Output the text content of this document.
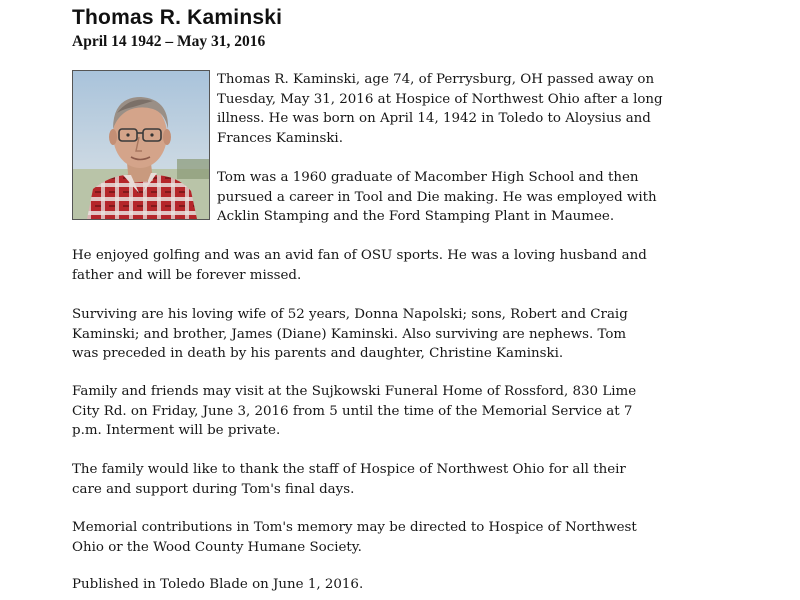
Thomas R. Kaminski
April 14 1942 – May 31, 2016
Thomas R. Kaminski, age 74, of Perrysburg, OH passed away on
Tuesday, May 31, 2016 at Hospice of Northwest Ohio after a long
illness. He was born on April 14, 1942 in Toledo to Aloysius and
Frances Kaminski.
Tom was a 1960 graduate of Macomber High School and then
pursued a career in Tool and Die making. He was employed with
Acklin Stamping and the Ford Stamping Plant in Maumee.
He enjoyed golfing and was an avid fan of OSU sports. He was a loving husband and
father and will be forever missed.
Surviving are his loving wife of 52 years, Donna Napolski; sons, Robert and Craig
Kaminski; and brother, James (Diane) Kaminski. Also surviving are nephews. Tom
was preceded in death by his parents and daughter, Christine Kaminski.
Family and friends may visit at the Sujkowski Funeral Home of Rossford, 830 Lime
City Rd. on Friday, June 3, 2016 from 5 until the time of the Memorial Service at 7
p.m. Interment will be private.
The family would like to thank the staff of Hospice of Northwest Ohio for all their
care and support during Tom's final days.
Memorial contributions in Tom's memory may be directed to Hospice of Northwest
Ohio or the Wood County Humane Society.
Published in Toledo Blade on June 1, 2016.
